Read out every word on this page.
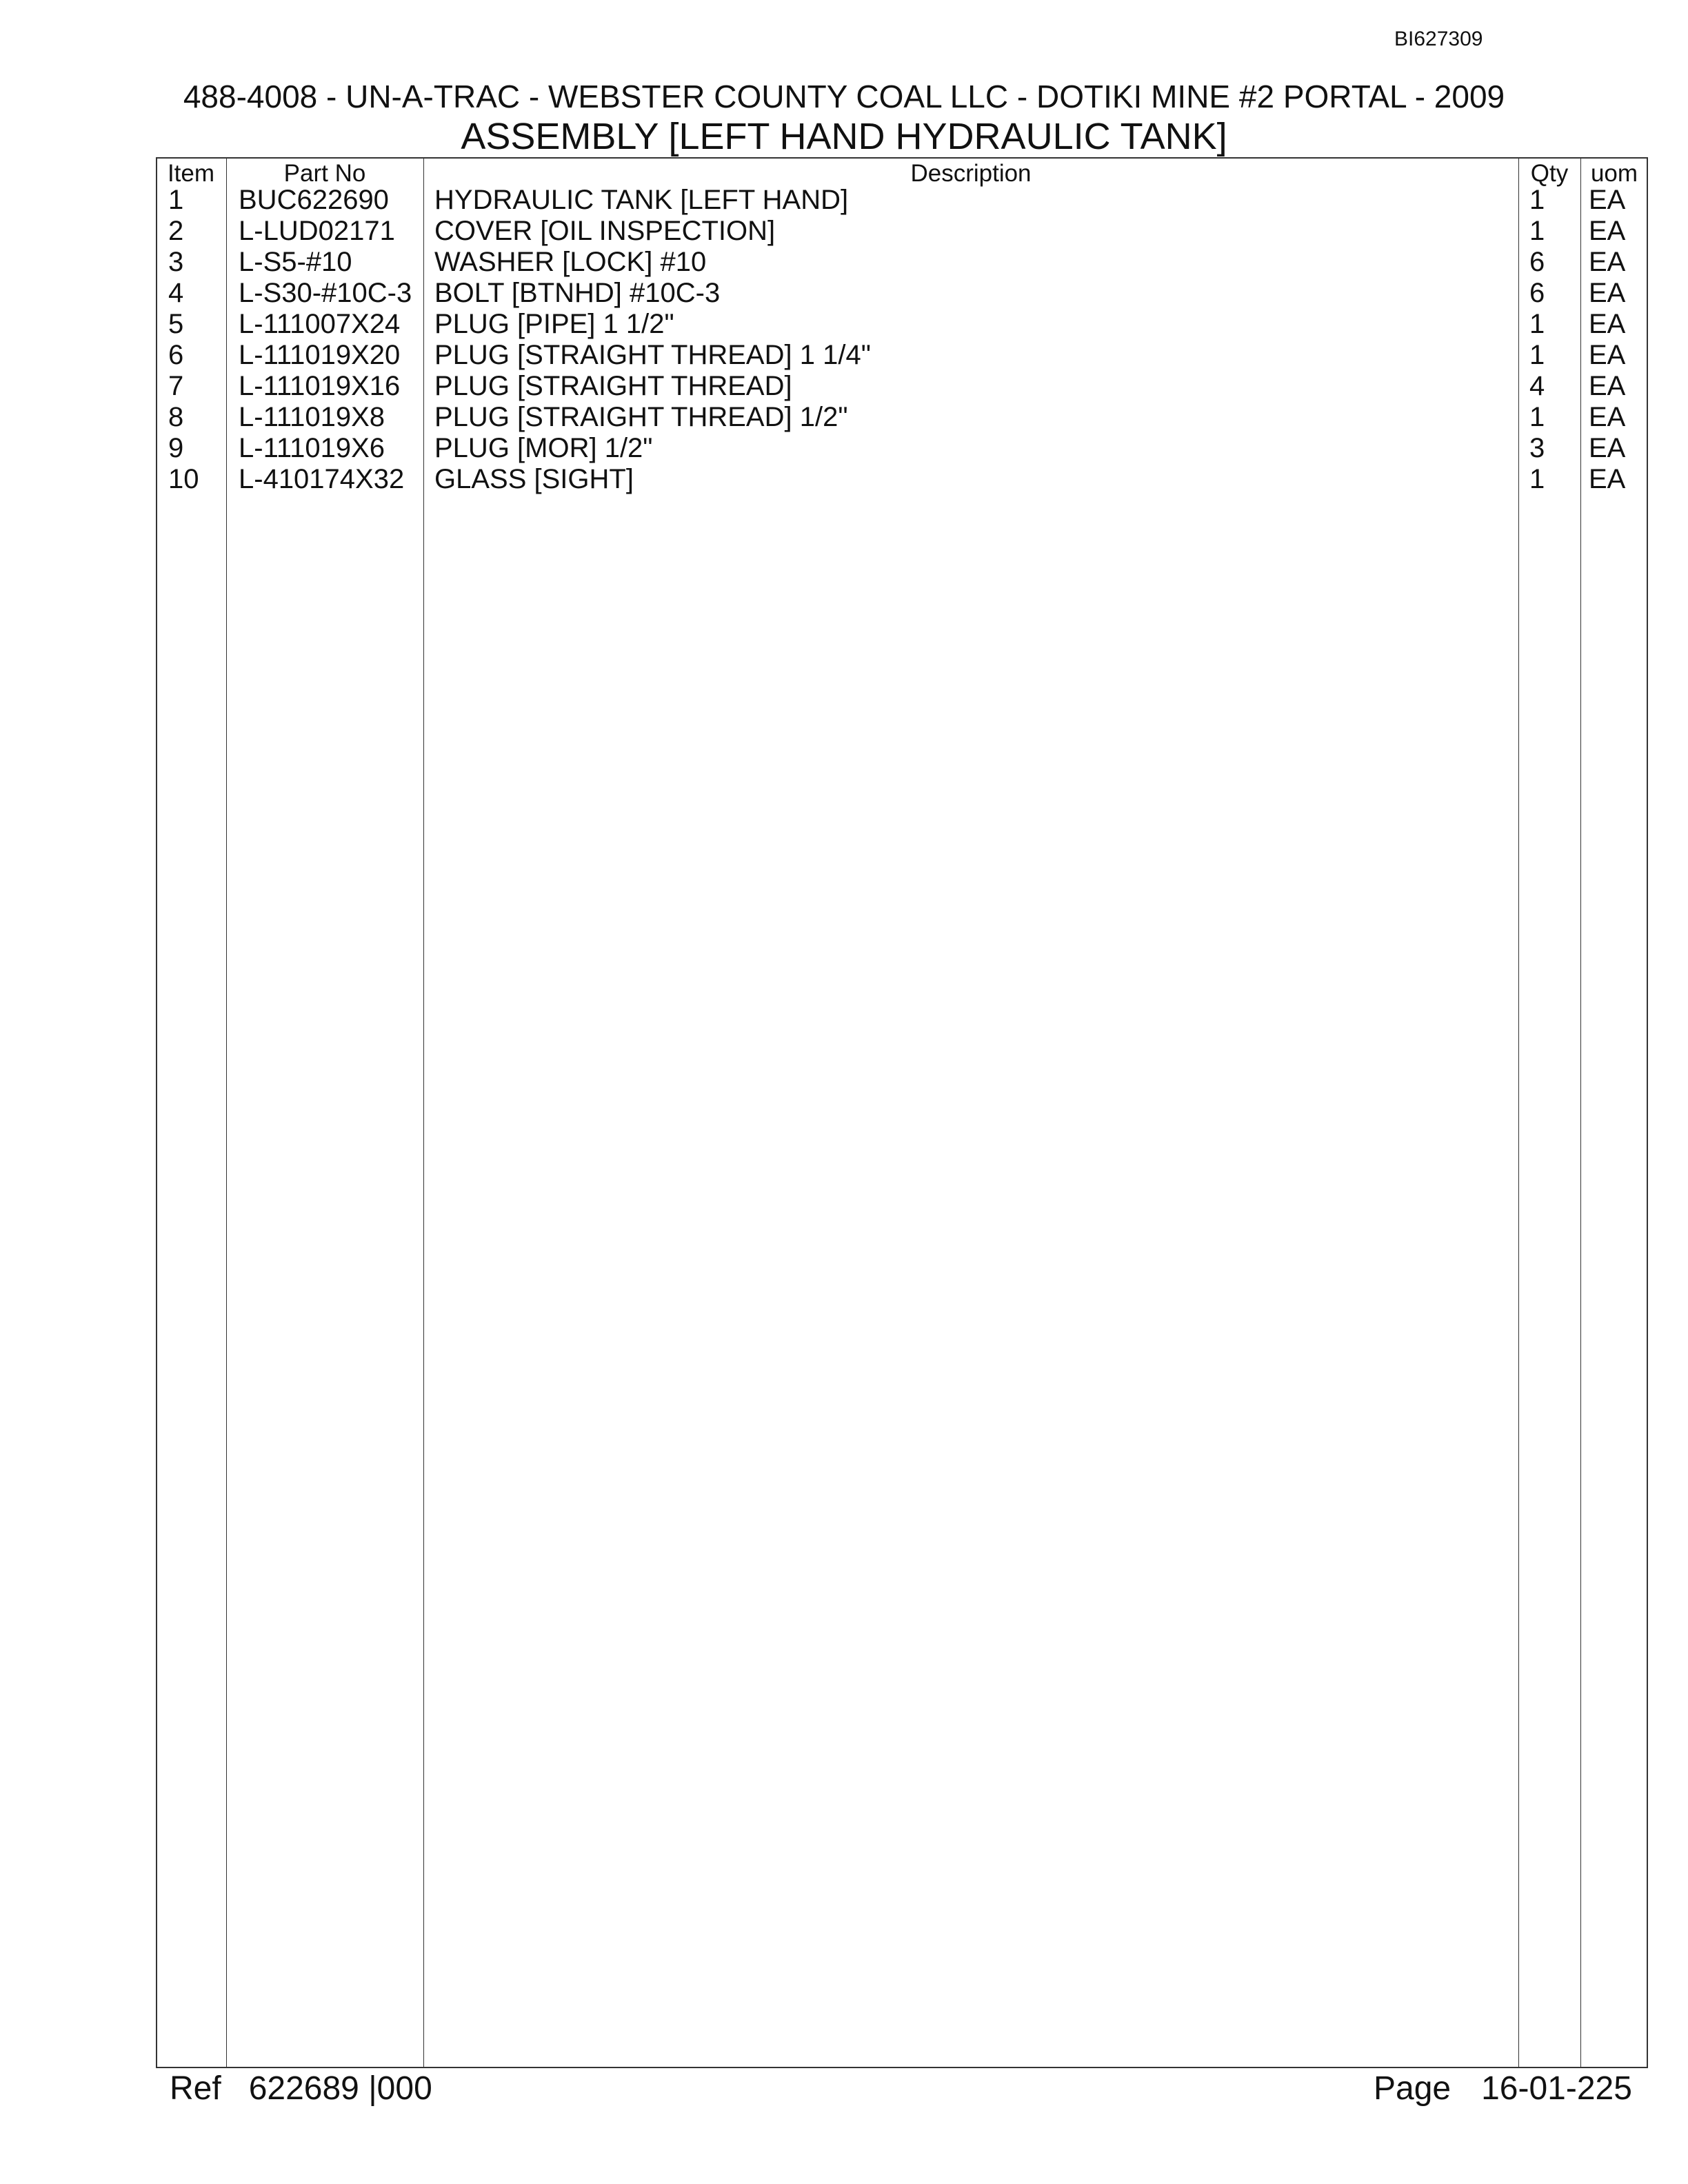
BI627309
488-4008 - UN-A-TRAC - WEBSTER COUNTY COAL LLC - DOTIKI MINE #2 PORTAL - 2009
ASSEMBLY [LEFT HAND HYDRAULIC TANK]
Item	Part No	Description	Qty uom
1 BUC622690 HYDRAULIC TANK [LEFT HAND]	1 EA
2 L-LUD02171 COVER [OIL INSPECTION]	1 EA
3 L-S5-#10	WASHER [LOCK] #10	6 EA
4 L-S30-#10C-3 BOLT [BTNHD] #10C-3	6 EA
5 L-111007X24 PLUG [PIPE] 1 1/2"	1 EA
6 L-111019X20 PLUG [STRAIGHT THREAD] 1 1/4"	1 EA
7 L-111019X16 PLUG [STRAIGHT THREAD]	4 EA
8 L-111019X8 PLUG [STRAIGHT THREAD] 1/2"	1 EA
9 L-111019X6 PLUG [MOR] 1/2"	3 EA
10 L-410174X32 GLASS [SIGHT]	1 EA
Ref 622689 |000	Page 16-01-225
